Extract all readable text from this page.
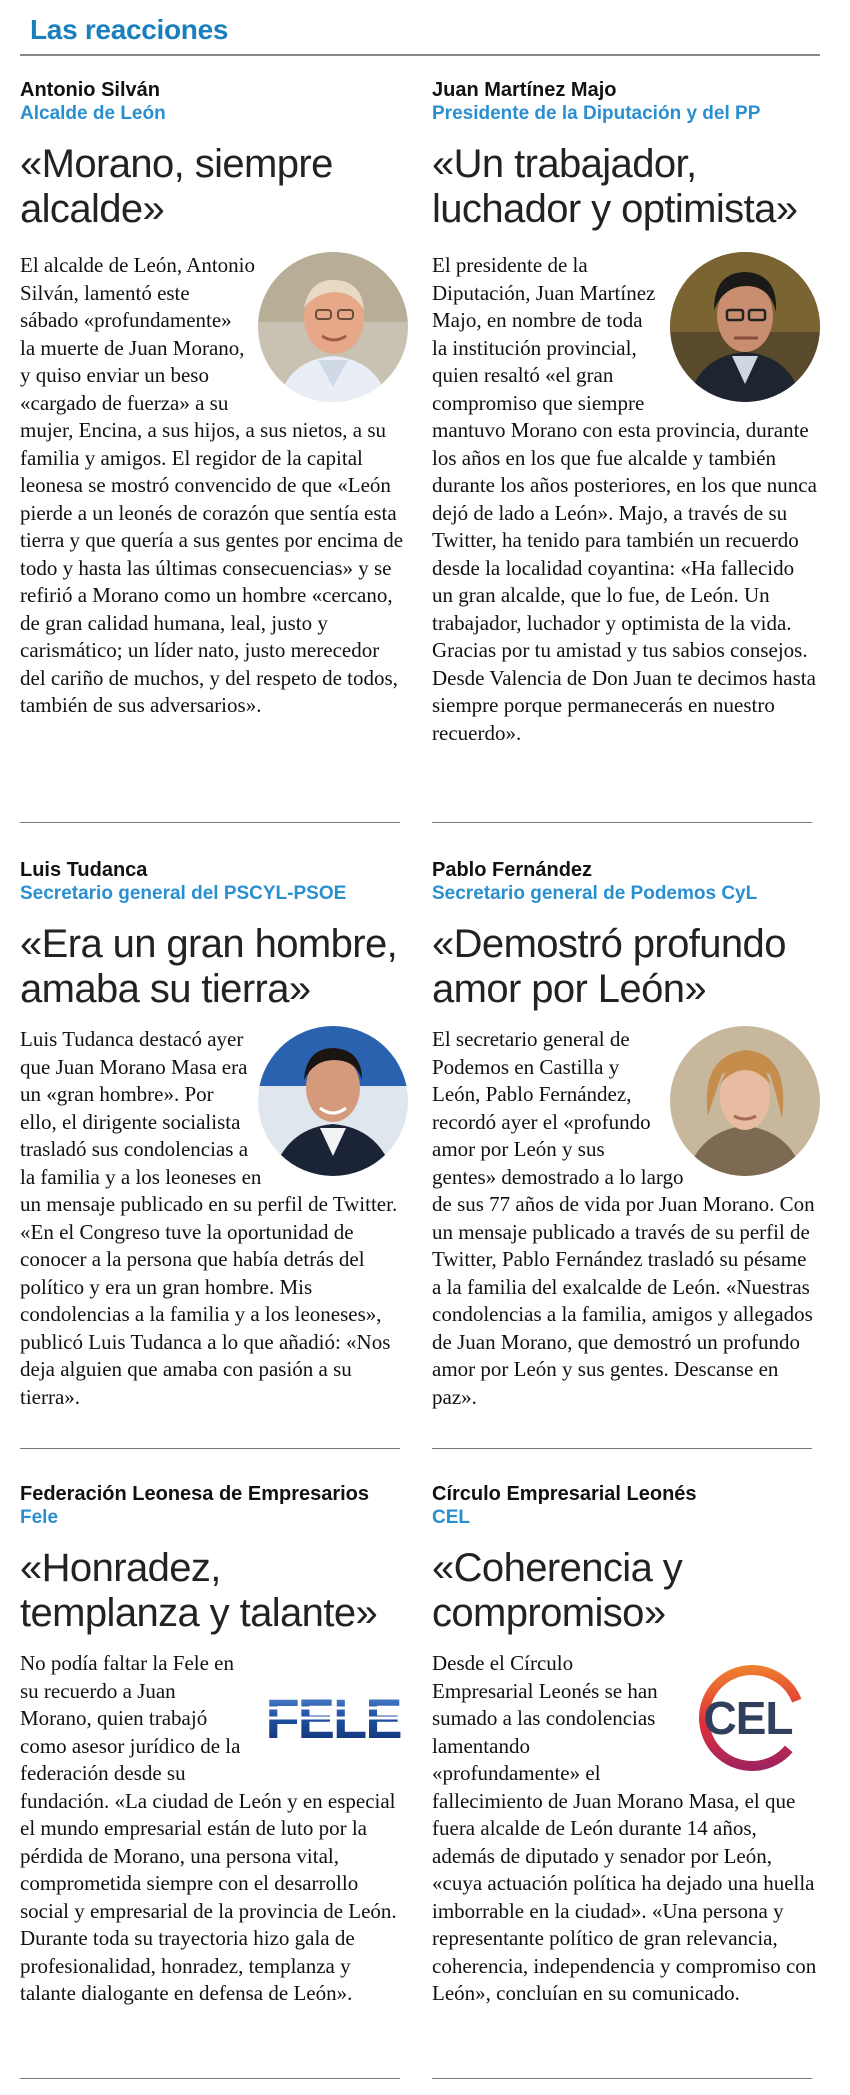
Las reacciones
Antonio Silván
Alcalde de León
«Morano, siempre alcalde»

El alcalde de León, Antonio Silván, lamentó este sábado «profundamente» la muerte de Juan Morano, y quiso enviar un beso «cargado de fuerza» a su mujer, Encina, a sus hijos, a sus nietos, a su familia y amigos. El regidor de la capital leonesa se mostró convencido de que «León pierde a un leonés de corazón que sentía esta tierra y que quería a sus gentes por encima de todo y hasta las últimas consecuencias» y se refirió a Morano como un hombre «cercano, de gran calidad humana, leal, justo y carismático; un líder nato, justo merecedor del cariño de muchos, y del respeto de todos, también de sus adversarios».

Juan Martínez Majo
Presidente de la Diputación y del PP
«Un trabajador, luchador y optimista»

El presidente de la Diputación, Juan Martínez Majo, en nombre de toda la institución provincial, quien resaltó «el gran compromiso que siempre mantuvo Morano con esta provincia, durante los años en los que fue alcalde y también durante los años posteriores, en los que nunca dejó de lado a León». Majo, a través de su Twitter, ha tenido para también un recuerdo desde la localidad coyantina: «Ha fallecido un gran alcalde, que lo fue, de León. Un trabajador, luchador y optimista de la vida. Gracias por tu amistad y tus sabios consejos. Desde Valencia de Don Juan te decimos hasta siempre porque permanecerás en nuestro recuerdo».

Luis Tudanca
Secretario general del PSCYL-PSOE
«Era un gran hombre, amaba su tierra»

Luis Tudanca destacó ayer que Juan Morano Masa era un «gran hombre». Por ello, el dirigente socialista trasladó sus condolencias a la familia y a los leoneses en un mensaje publicado en su perfil de Twitter. «En el Congreso tuve la oportunidad de conocer a la persona que había detrás del político y era un gran hombre. Mis condolencias a la familia y a los leoneses», publicó Luis Tudanca a lo que añadió: «Nos deja alguien que amaba con pasión a su tierra».

Pablo Fernández
Secretario general de Podemos CyL
«Demostró profundo amor por León»

El secretario general de Podemos en Castilla y León, Pablo Fernández, recordó ayer el «profundo amor por León y sus gentes» demostrado a lo largo de sus 77 años de vida por Juan Morano. Con un mensaje publicado a través de su perfil de Twitter, Pablo Fernández trasladó su pésame a la familia del exalcalde de León. «Nuestras condolencias a la familia, amigos y allegados de Juan Morano, que demostró un profundo amor por León y sus gentes. Descanse en paz».

Federación Leonesa de Empresarios
Fele
«Honradez, templanza y talante»
FELE

No podía faltar la Fele en su recuerdo a Juan Morano, quien trabajó como asesor jurídico de la federación desde su fundación. «La ciudad de León y en especial el mundo empresarial están de luto por la pérdida de Morano, una persona vital, comprometida siempre con el desarrollo social y empresarial de la provincia de León. Durante toda su trayectoria hizo gala de profesionalidad, honradez, templanza y talante dialogante en defensa de León».

Círculo Empresarial Leonés
CEL
«Coherencia y compromiso»
CEL

Desde el Círculo Empresarial Leonés se han sumado a las condolencias lamentando «profundamente» el fallecimiento de Juan Morano Masa, el que fuera alcalde de León durante 14 años, además de diputado y senador por León, «cuya actuación política ha dejado una huella imborrable en la ciudad». «Una persona y representante político de gran relevancia, coherencia, independencia y compromiso con León», concluían en su comunicado.
